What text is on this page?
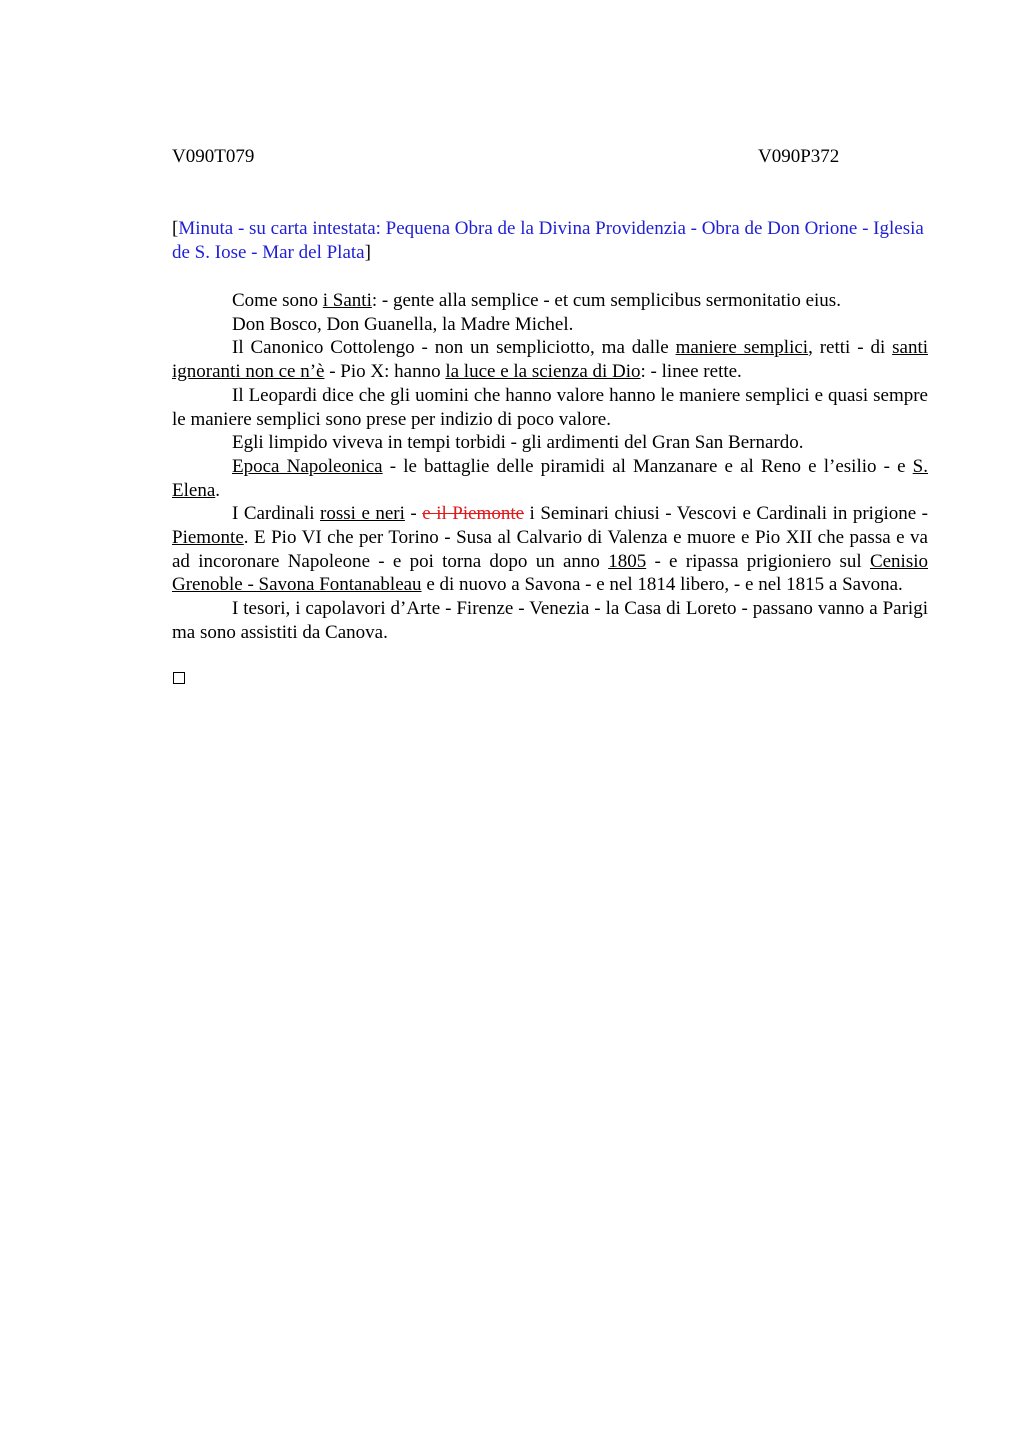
V090T079	V090P372
[Minuta - su carta intestata: Pequena Obra de la Divina Providenzia - Obra de Don Orione - Iglesia de S. Iose - Mar del Plata]

Come sono i Santi: - gente alla semplice - et cum semplicibus sermonitatio eius.

Don Bosco, Don Guanella, la Madre Michel.

Il Canonico Cottolengo - non un sempliciotto, ma dalle maniere semplici, retti - di santi ignoranti non ce n’è - Pio X: hanno la luce e la scienza di Dio: - linee rette.

Il Leopardi dice che gli uomini che hanno valore hanno le maniere semplici e quasi sempre le maniere semplici sono prese per indizio di poco valore.

Egli limpido viveva in tempi torbidi - gli ardimenti del Gran San Bernardo.

Epoca Napoleonica - le battaglie delle piramidi al Manzanare e al Reno e l’esilio - e S. Elena.

I Cardinali rossi e neri - e il Piemonte i Seminari chiusi - Vescovi e Cardinali in prigione - Piemonte. E Pio VI che per Torino - Susa al Calvario di Valenza e muore e Pio XII che passa e va ad incoronare Napoleone - e poi torna dopo un anno 1805 - e ripassa prigioniero sul Cenisio Grenoble - Savona Fontanableau e di nuovo a Savona - e nel 1814 libero, - e nel 1815 a Savona.

I tesori, i capolavori d’Arte - Firenze - Venezia - la Casa di Loreto - passano vanno a Parigi ma sono assistiti da Canova.
